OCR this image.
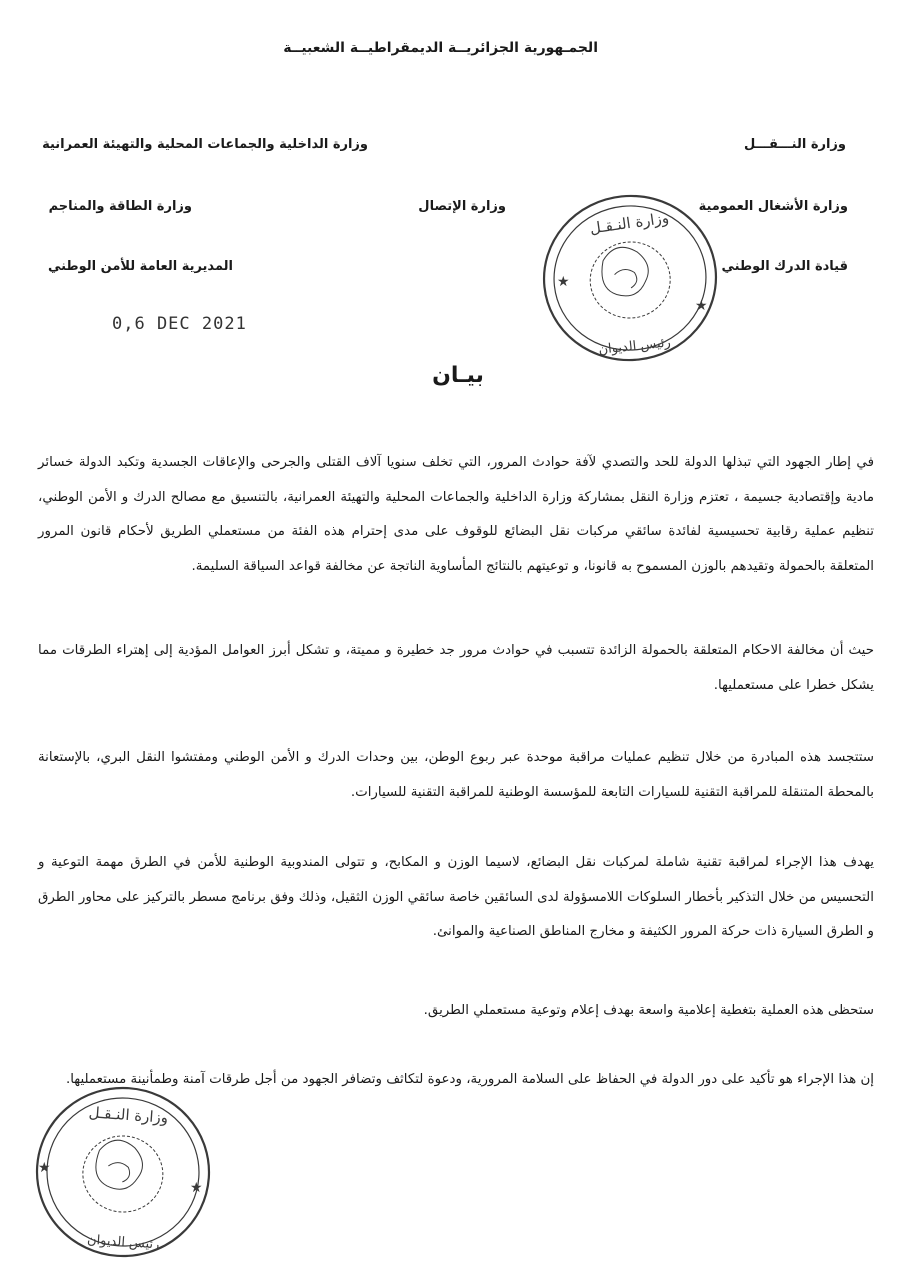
الجمـهورية الجزائريــة الديمقراطيــة الشعبيــة
وزارة النـــقـــل
وزارة الداخلية والجماعات المحلية والتهيئة العمرانية
وزارة الأشغال العمومية
وزارة الإتصال
وزارة الطاقة والمناجم
قيادة الدرك الوطني
المديرية العامة للأمن الوطني
0,6 DEC 2021
★
★
وزارة النـقـل
رئيس الديوان
بيـان
في إطار الجهود التي تبذلها الدولة للحد والتصدي لآفة حوادث المرور، التي تخلف سنويا آلاف القتلى والجرحى والإعاقات الجسدية وتكبد الدولة خسائر مادية وإقتصادية جسيمة ، تعتزم وزارة النقل بمشاركة وزارة الداخلية والجماعات المحلية والتهيئة العمرانية، بالتنسيق مع مصالح الدرك و الأمن الوطني، تنظيم عملية رقابية تحسيسية لفائدة سائقي مركبات نقل البضائع للوقوف على مدى إحترام هذه الفئة من مستعملي الطريق لأحكام قانون المرور المتعلقة بالحمولة وتقيدهم بالوزن المسموح به قانونا، و توعيتهم بالنتائج المأساوية الناتجة عن مخالفة قواعد السياقة السليمة.
حيث أن مخالفة الاحكام المتعلقة بالحمولة الزائدة تتسبب في حوادث مرور جد خطيرة و مميتة، و تشكل أبرز العوامل المؤدية إلى إهتراء الطرقات مما يشكل خطرا على مستعمليها.
ستتجسد هذه المبادرة من خلال تنظيم عمليات مراقبة موحدة عبر ربوع الوطن، بين وحدات الدرك و الأمن الوطني ومفتشوا النقل البري، بالإستعانة بالمحطة المتنقلة للمراقبة التقنية للسيارات التابعة للمؤسسة الوطنية للمراقبة التقنية للسيارات.
يهدف هذا الإجراء لمراقبة تقنية شاملة لمركبات نقل البضائع، لاسيما الوزن و المكابح، و تتولى المندوبية الوطنية للأمن في الطرق مهمة التوعية و التحسيس من خلال التذكير بأخطار السلوكات اللامسؤولة لدى السائقين خاصة سائقي الوزن الثقيل، وذلك وفق برنامج مسطر بالتركيز على محاور الطرق و الطرق السيارة ذات حركة المرور الكثيفة و مخارج المناطق الصناعية والموانئ.
ستحظى هذه العملية بتغطية إعلامية واسعة بهدف إعلام وتوعية مستعملي الطريق.
إن هذا الإجراء هو تأكيد على دور الدولة في الحفاظ على السلامة المرورية، ودعوة لتكاثف وتضافر الجهود من أجل طرقات آمنة وطمأنينة مستعمليها.
★
★
وزارة النـقـل
رئيس الديوان
